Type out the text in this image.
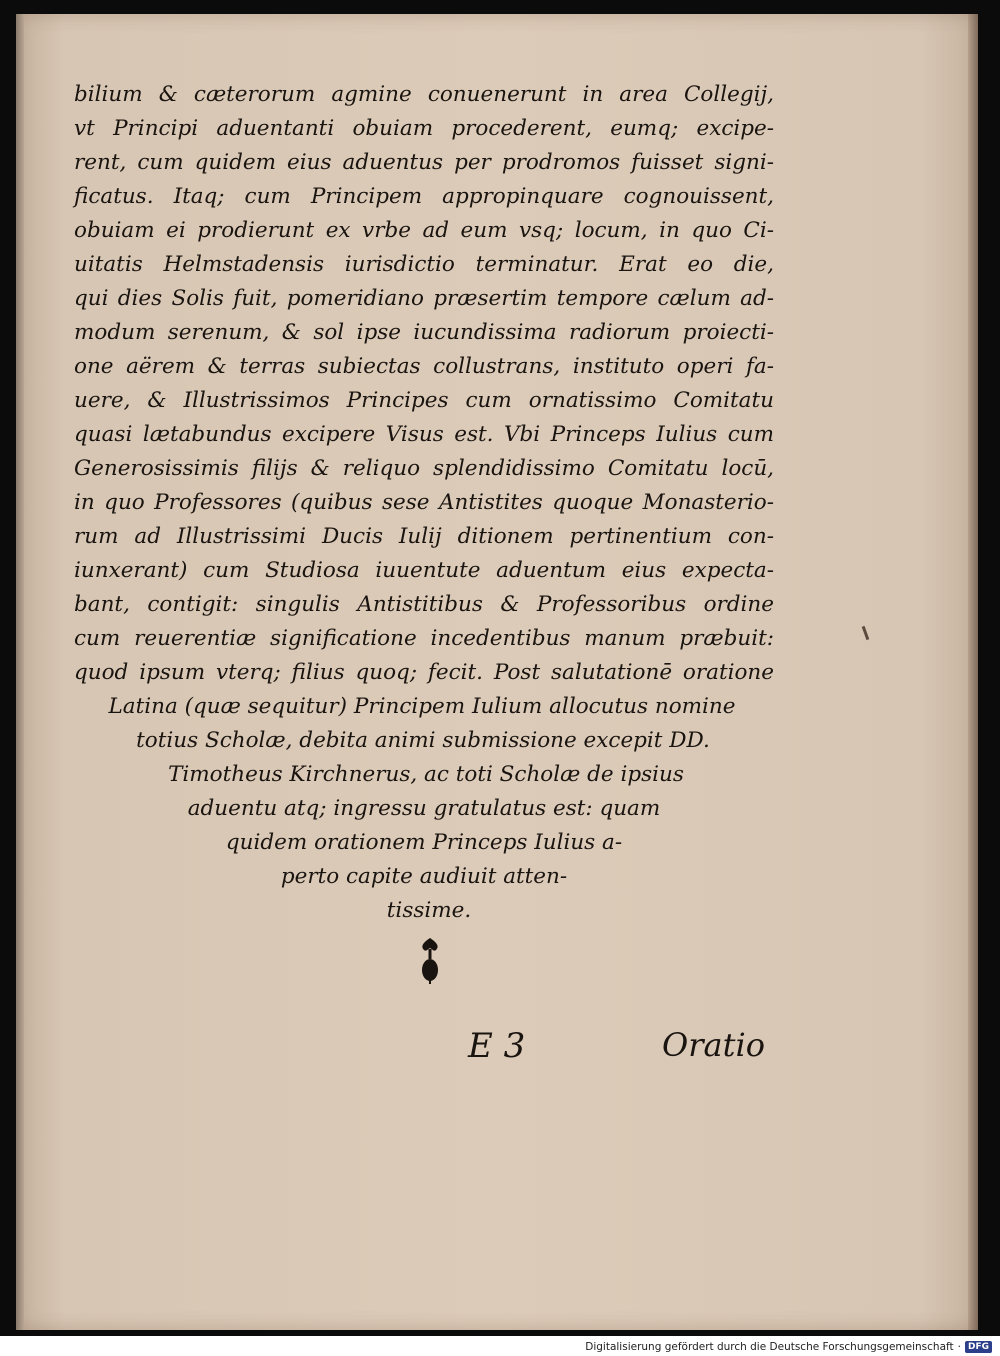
bilium & cæterorum agmine conuenerunt in area Collegij,
vt Principi aduentanti obuiam procederent, eumq; excipe-
rent, cum quidem eius aduentus per prodromos fuisset signi-
ficatus. Itaq; cum Principem appropinquare cognouissent,
obuiam ei prodierunt ex vrbe ad eum vsq; locum, in quo Ci-
uitatis Helmstadensis iurisdictio terminatur. Erat eo die,
qui dies Solis fuit, pomeridiano præsertim tempore cælum ad-
modum serenum, & sol ipse iucundissima radiorum proiecti-
one aërem & terras subiectas collustrans, instituto operi fa-
uere, & Illustrissimos Principes cum ornatissimo Comitatu
quasi lætabundus excipere Visus est. Vbi Princeps Iulius cum
Generosissimis filijs & reliquo splendidissimo Comitatu locū,
in quo Professores (quibus sese Antistites quoque Monasterio-
rum ad Illustrissimi Ducis Iulij ditionem pertinentium con-
iunxerant) cum Studiosa iuuentute aduentum eius expecta-
bant, contigit: singulis Antistitibus & Professoribus ordine
cum reuerentiæ significatione incedentibus manum præbuit:
quod ipsum vterq; filius quoq; fecit. Post salutationē oratione
Latina (quæ sequitur) Principem Iulium allocutus nomine
totius Scholæ, debita animi submissione excepit DD.
Timotheus Kirchnerus, ac toti Scholæ de ipsius
aduentu atq; ingressu gratulatus est: quam
quidem orationem Princeps Iulius a-
perto capite audiuit atten-
tissime.
E 3	Oratio
Digitalisierung gefördert durch die Deutsche Forschungsgemeinschaft · DFG
